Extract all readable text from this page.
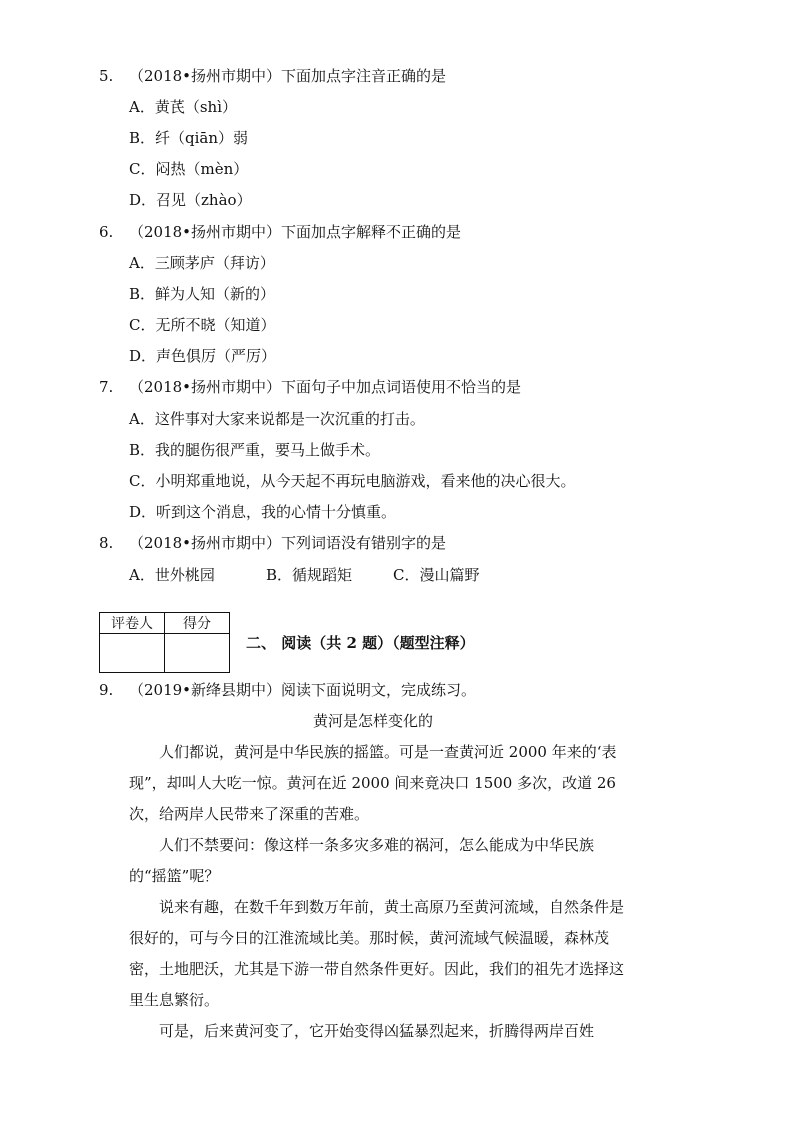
5. （2018•扬州市期中）下面加点字注音正确的是
A．黄芪（shì）
B．纤（qiān）弱
C．闷热（mèn）
D．召见（zhào）
6. （2018•扬州市期中）下面加点字解释不正确的是
A．三顾茅庐（拜访）
B．鲜为人知（新的）
C．无所不晓（知道）
D．声色俱厉（严厉）
7. （2018•扬州市期中）下面句子中加点词语使用不恰当的是
A．这件事对大家来说都是一次沉重的打击。
B．我的腿伤很严重，要马上做手术。
C．小明郑重地说，从今天起不再玩电脑游戏，看来他的决心很大。
D．听到这个消息，我的心情十分慎重。
8. （2018•扬州市期中）下列词语没有错别字的是
A．世外桃园	B．循规蹈矩	C．漫山篇野
评卷人	得分

二、 阅读（共 2 题）（题型注释）
9. （2019•新绛县期中）阅读下面说明文，完成练习。
黄河是怎样变化的
人们都说，黄河是中华民族的摇篮。可是一查黄河近 2000 年来的‘表现”，却叫人大吃一惊。黄河在近 2000 间来竟决口 1500 多次，改道 26 次，给两岸人民带来了深重的苦难。
人们不禁要问：像这样一条多灾多难的祸河，怎么能成为中华民族的“摇篮”呢？
说来有趣，在数千年到数万年前，黄土高原乃至黄河流域，自然条件是很好的，可与今日的江淮流域比美。那时候，黄河流域气候温暖，森林茂密，土地肥沃，尤其是下游一带自然条件更好。因此，我们的祖先才选择这里生息繁衍。
可是，后来黄河变了，它开始变得凶猛暴烈起来，折腾得两岸百姓
